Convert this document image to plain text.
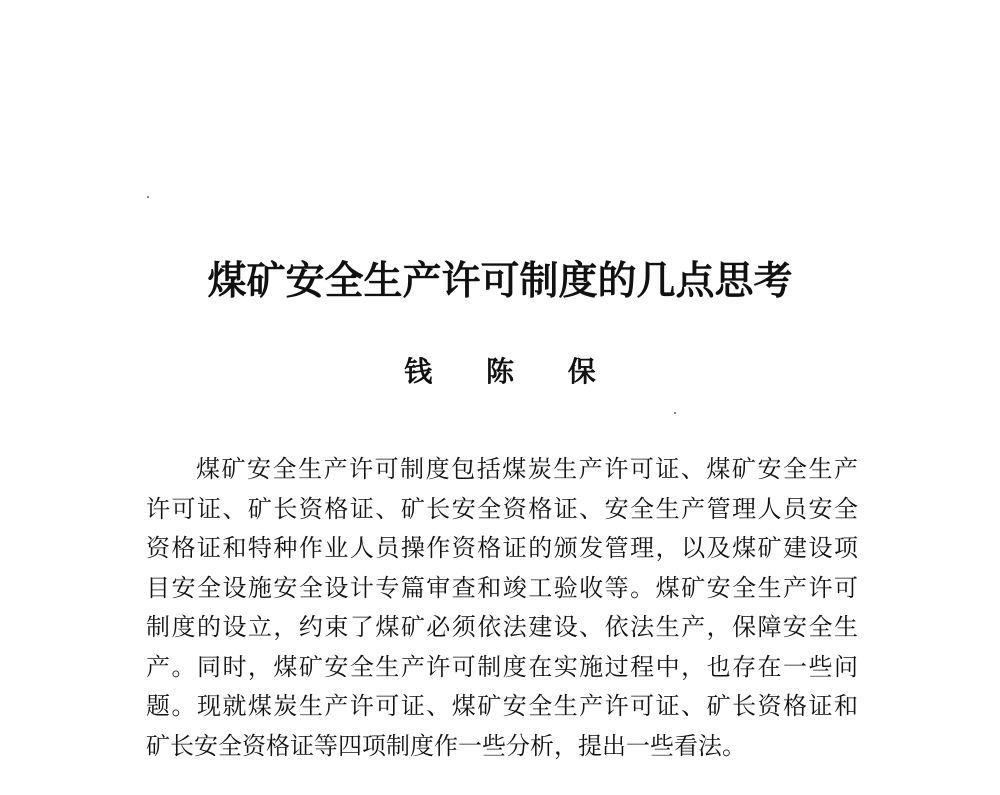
煤矿安全生产许可制度的几点思考
钱 陈 保
煤矿安全生产许可制度包括煤炭生产许可证、煤矿安全生产
许可证、矿长资格证、矿长安全资格证、安全生产管理人员安全
资格证和特种作业人员操作资格证的颁发管理，以及煤矿建设项
目安全设施安全设计专篇审查和竣工验收等。煤矿安全生产许可
制度的设立，约束了煤矿必须依法建设、依法生产，保障安全生
产。同时，煤矿安全生产许可制度在实施过程中，也存在一些问
题。现就煤炭生产许可证、煤矿安全生产许可证、矿长资格证和
矿长安全资格证等四项制度作一些分析，提出一些看法。
